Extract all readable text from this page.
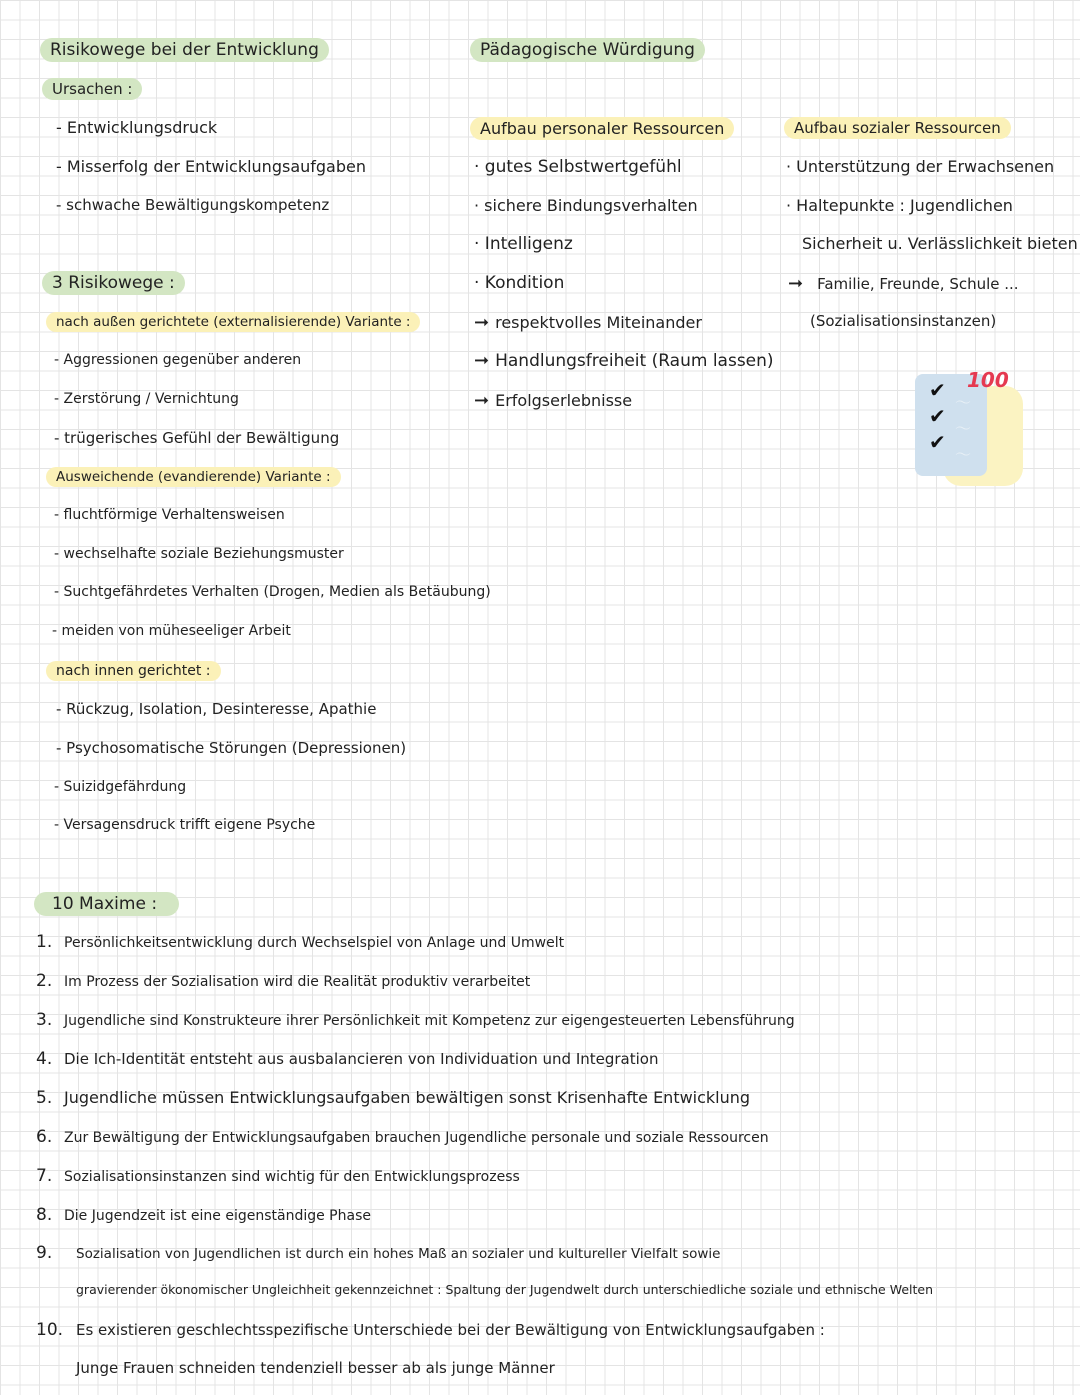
Risikowege bei der Entwicklung
Ursachen :
- Entwicklungsdruck
- Misserfolg der Entwicklungsaufgaben
- schwache Bewältigungskompetenz
3 Risikowege :
nach außen gerichtete (externalisierende) Variante :
- Aggressionen gegenüber anderen
- Zerstörung / Vernichtung
- trügerisches Gefühl der Bewältigung
Ausweichende (evandierende) Variante :
- fluchtförmige Verhaltensweisen
- wechselhafte soziale Beziehungsmuster
- Suchtgefährdetes Verhalten (Drogen, Medien als Betäubung)
- meiden von müheseeliger Arbeit
nach innen gerichtet :
- Rückzug, Isolation, Desinteresse, Apathie
- Psychosomatische Störungen (Depressionen)
- Suizidgefährdung
- Versagensdruck trifft eigene Psyche
Pädagogische Würdigung
Aufbau personaler Ressourcen
· gutes Selbstwertgefühl
· sichere Bindungsverhalten
· Intelligenz
· Kondition
➞ respektvolles Miteinander
➞ Handlungsfreiheit (Raum lassen)
➞ Erfolgserlebnisse
Aufbau sozialer Ressourcen
· Unterstützung der Erwachsenen
· Haltepunkte : Jugendlichen
Sicherheit u. Verlässlichkeit bieten
➞ Familie, Freunde, Schule ...
(Sozialisationsinstanzen)
✔
✔
✔
〜
〜
〜
100
10 Maxime :
1. Persönlichkeitsentwicklung durch Wechselspiel von Anlage und Umwelt
2. Im Prozess der Sozialisation wird die Realität produktiv verarbeitet
3. Jugendliche sind Konstrukteure ihrer Persönlichkeit mit Kompetenz zur eigengesteuerten Lebensführung
4. Die Ich-Identität entsteht aus ausbalancieren von Individuation und Integration
5. Jugendliche müssen Entwicklungsaufgaben bewältigen sonst Krisenhafte Entwicklung
6. Zur Bewältigung der Entwicklungsaufgaben brauchen Jugendliche personale und soziale Ressourcen
7. Sozialisationsinstanzen sind wichtig für den Entwicklungsprozess
8. Die Jugendzeit ist eine eigenständige Phase
9. Sozialisation von Jugendlichen ist durch ein hohes Maß an sozialer und kultureller Vielfalt sowie
gravierender ökonomischer Ungleichheit gekennzeichnet : Spaltung der Jugendwelt durch unterschiedliche soziale und ethnische Welten
10. Es existieren geschlechtsspezifische Unterschiede bei der Bewältigung von Entwicklungsaufgaben :
Junge Frauen schneiden tendenziell besser ab als junge Männer
